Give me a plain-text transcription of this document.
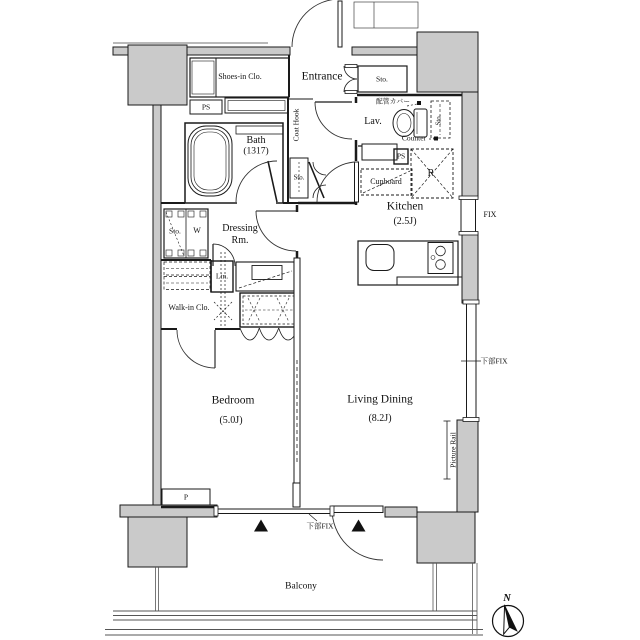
Shoes-in Clo.	Entrance	Sto.
PS
Bath
(1317)
Coat Hook
配管カバー
Lav.	Sto.
Counter
PS
R
Cupboard
Kitchen
(2.5J)
Sto.
Sto. W Dressing
Rm.
Lin.
Walk-in Clo.
Bedroom
(5.0J)
Living Dining
(8.2J)
FIX
下部FIX
Picture Rail
P
下部FIX
Balcony
N
